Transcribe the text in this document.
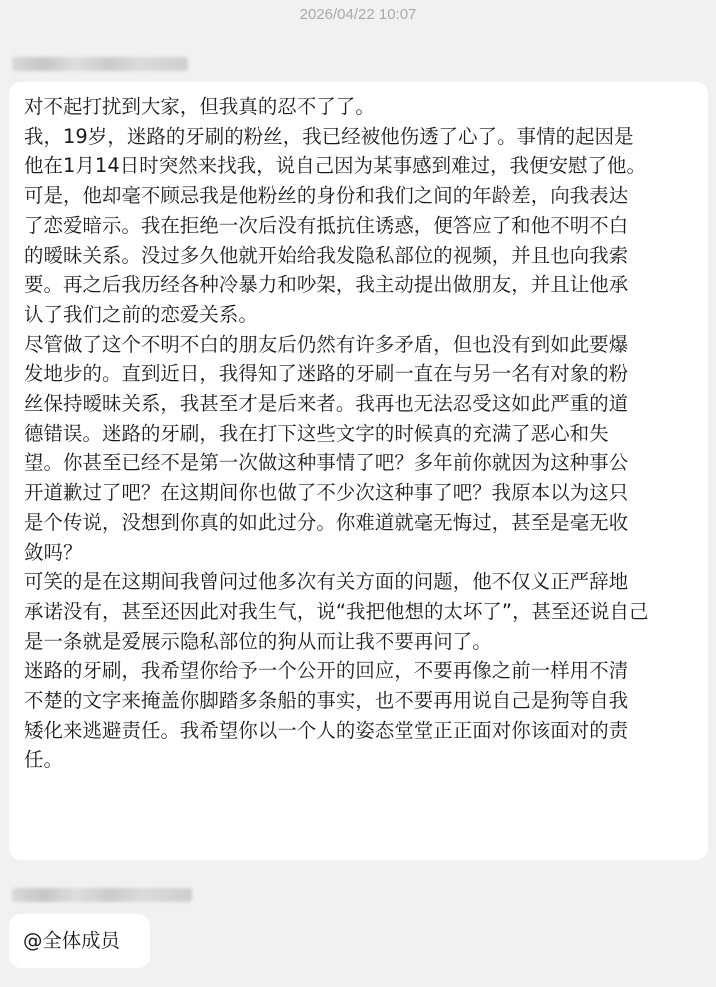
2026/04/22 10:07
对不起打扰到大家，但我真的忍不了了。
我，19岁，迷路的牙刷的粉丝，我已经被他伤透了心了。事情的起因是
他在1月14日时突然来找我，说自己因为某事感到难过，我便安慰了他。
可是，他却毫不顾忌我是他粉丝的身份和我们之间的年龄差，向我表达
了恋爱暗示。我在拒绝一次后没有抵抗住诱惑，便答应了和他不明不白
的暧昧关系。没过多久他就开始给我发隐私部位的视频，并且也向我索
要。再之后我历经各种冷暴力和吵架，我主动提出做朋友，并且让他承
认了我们之前的恋爱关系。
尽管做了这个不明不白的朋友后仍然有许多矛盾，但也没有到如此要爆
发地步的。直到近日，我得知了迷路的牙刷一直在与另一名有对象的粉
丝保持暧昧关系，我甚至才是后来者。我再也无法忍受这如此严重的道
德错误。迷路的牙刷，我在打下这些文字的时候真的充满了恶心和失
望。你甚至已经不是第一次做这种事情了吧？多年前你就因为这种事公
开道歉过了吧？在这期间你也做了不少次这种事了吧？我原本以为这只
是个传说，没想到你真的如此过分。你难道就毫无悔过，甚至是毫无收
敛吗？
可笑的是在这期间我曾问过他多次有关方面的问题，他不仅义正严辞地
承诺没有，甚至还因此对我生气，说“我把他想的太坏了”，甚至还说自己
是一条就是爱展示隐私部位的狗从而让我不要再问了。
迷路的牙刷，我希望你给予一个公开的回应，不要再像之前一样用不清
不楚的文字来掩盖你脚踏多条船的事实，也不要再用说自己是狗等自我
矮化来逃避责任。我希望你以一个人的姿态堂堂正正面对你该面对的责
任。
@全体成员
